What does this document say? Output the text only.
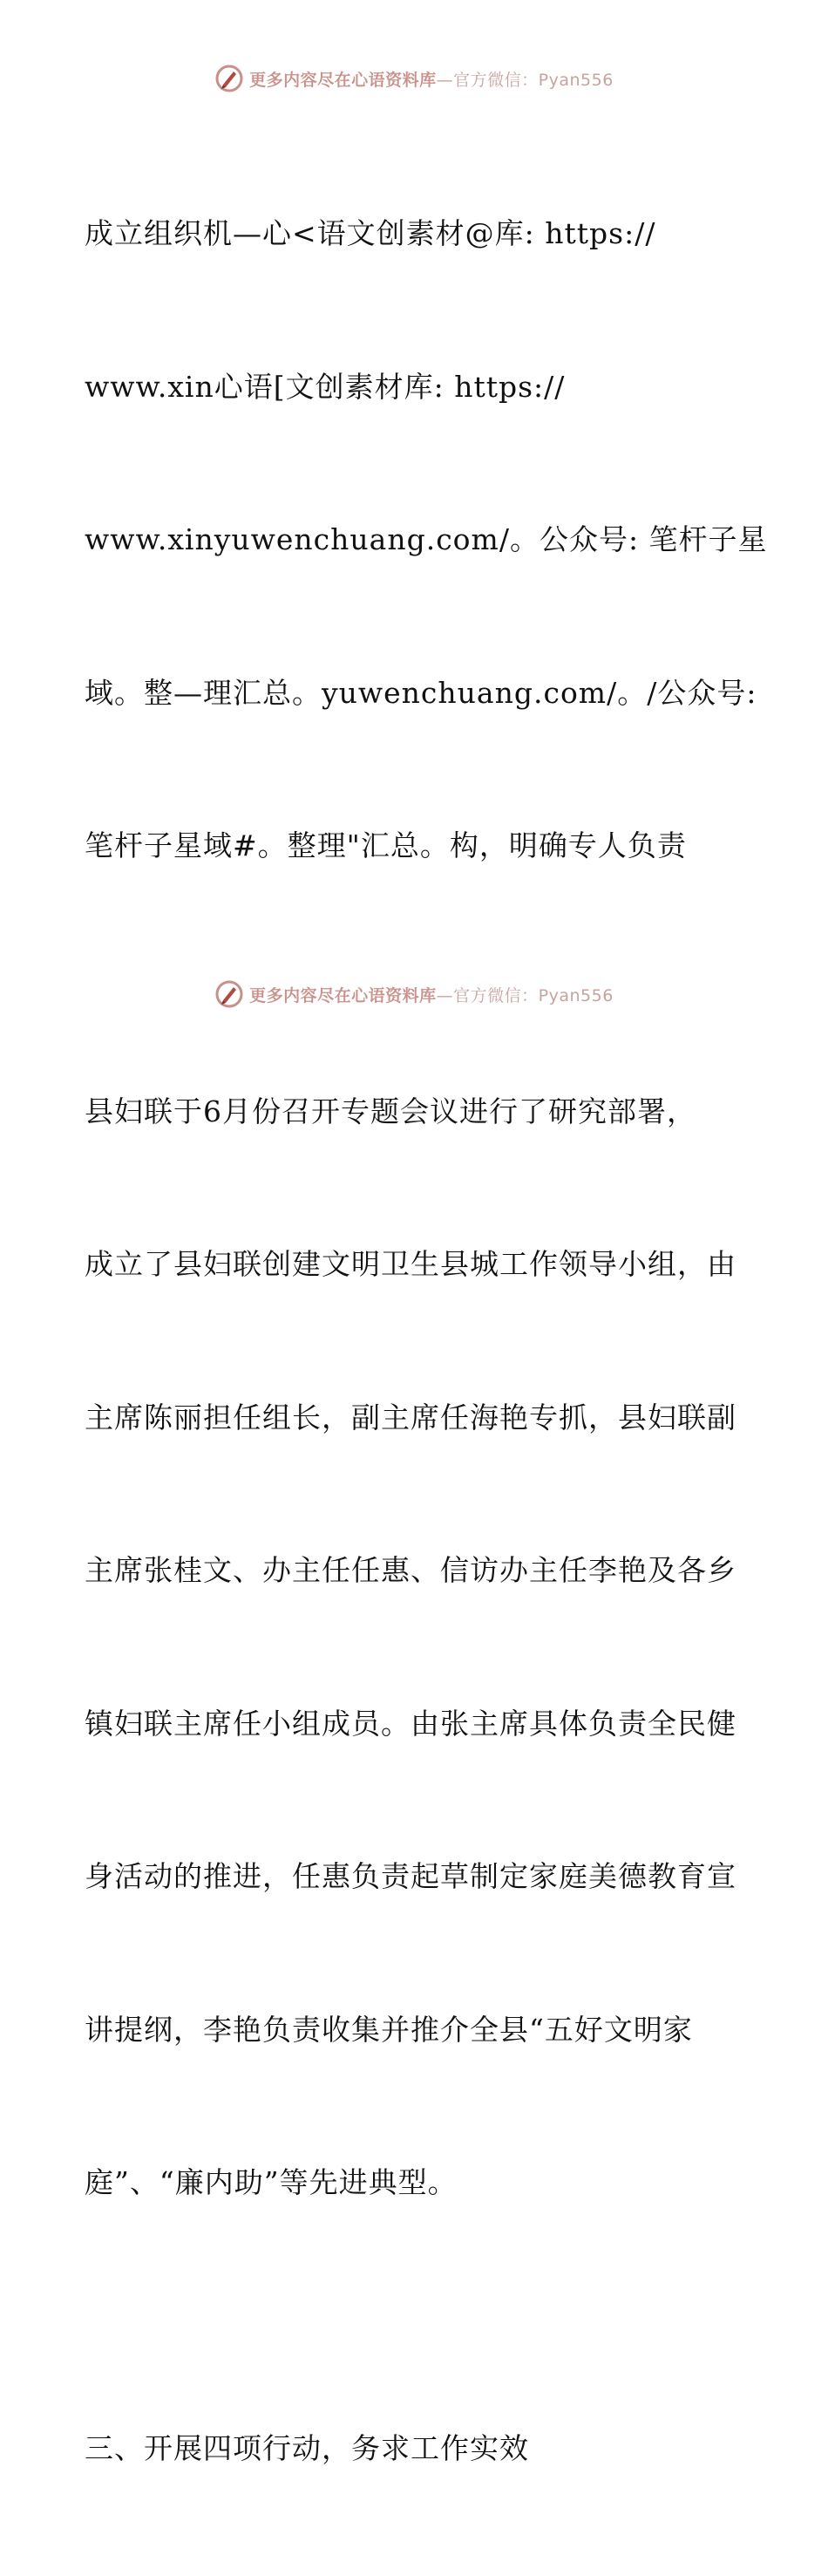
更多内容尽在心语资料库—官方微信：Pyan556

成立组织机—心<语文创素材@库: https://

www.xin心语[文创素材库: https://

www.xinyuwenchuang.com/。公众号: 笔杆子星

域。整—理汇总。yuwenchuang.com/。/公众号:

笔杆子星域#。整理"汇总。构，明确专人负责

县妇联于6月份召开专题会议进行了研究部署，

成立了县妇联创建文明卫生县城工作领导小组，由

主席陈丽担任组长，副主席任海艳专抓，县妇联副

主席张桂文、办主任任惠、信访办主任李艳及各乡

镇妇联主席任小组成员。由张主席具体负责全民健

身活动的推进，任惠负责起草制定家庭美德教育宣

讲提纲，李艳负责收集并推介全县“五好文明家

庭”、“廉内助”等先进典型。

三、开展四项行动，务求工作实效

更多内容尽在心语资料库—官方微信：Pyan556
